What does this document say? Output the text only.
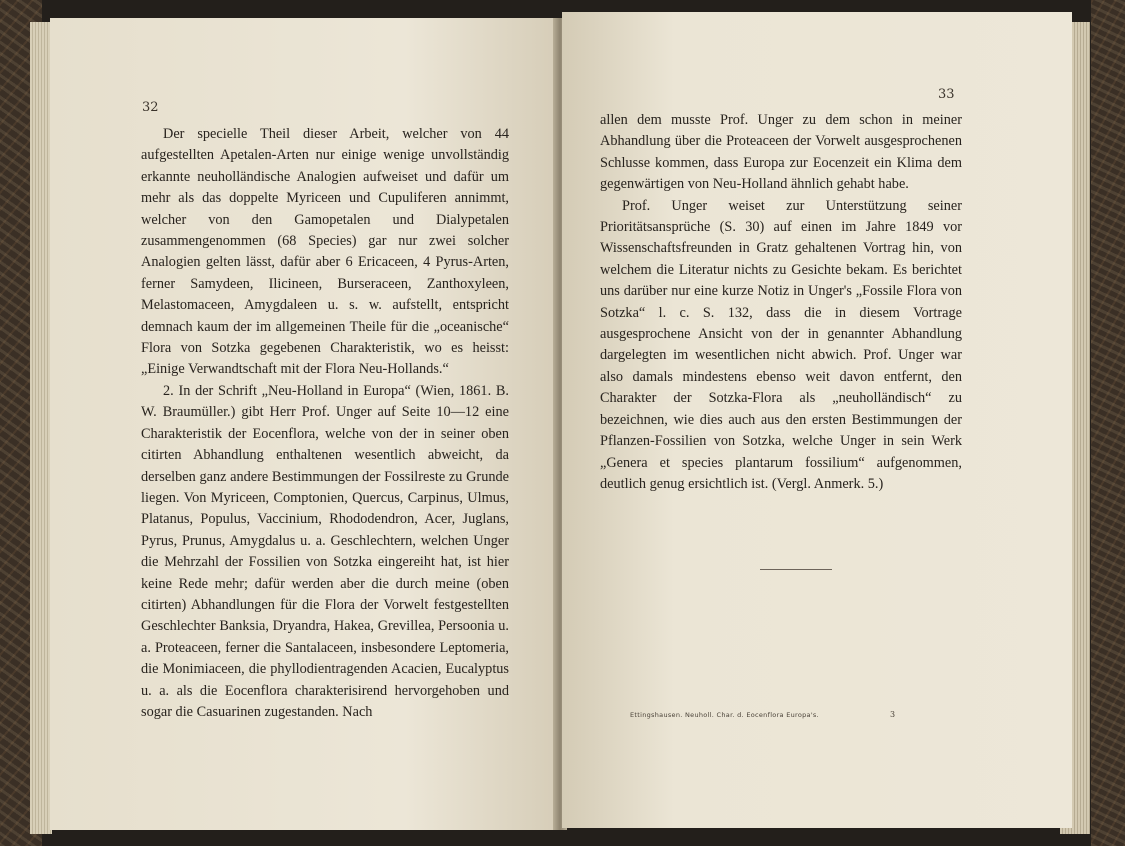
32

Der specielle Theil dieser Arbeit, welcher von 44 aufgestellten Apetalen-Arten nur einige wenige unvollständig erkannte neuholländische Analogien aufweiset und dafür um mehr als das doppelte Myriceen und Cupuliferen annimmt, welcher von den Gamopetalen und Dialypetalen zusammengenommen (68 Species) gar nur zwei solcher Analogien gelten lässt, dafür aber 6 Ericaceen, 4 Pyrus-Arten, ferner Samydeen, Ilicineen, Burseraceen, Zanthoxyleen, Melastomaceen, Amygdaleen u. s. w. aufstellt, entspricht demnach kaum der im allgemeinen Theile für die „oceanische“ Flora von Sotzka gegebenen Charakteristik, wo es heisst: „Einige Verwandtschaft mit der Flora Neu-Hollands.“

2. In der Schrift „Neu-Holland in Europa“ (Wien, 1861. B. W. Braumüller.) gibt Herr Prof. Unger auf Seite 10—12 eine Charakteristik der Eocenflora, welche von der in seiner oben citirten Abhandlung enthaltenen wesentlich abweicht, da derselben ganz andere Bestimmungen der Fossilreste zu Grunde liegen. Von Myriceen, Comptonien, Quercus, Carpinus, Ulmus, Platanus, Populus, Vaccinium, Rhododendron, Acer, Juglans, Pyrus, Prunus, Amygdalus u. a. Geschlechtern, welchen Unger die Mehrzahl der Fossilien von Sotzka eingereiht hat, ist hier keine Rede mehr; dafür werden aber die durch meine (oben citirten) Abhandlungen für die Flora der Vorwelt festgestellten Geschlechter Banksia, Dryandra, Hakea, Grevillea, Persoonia u. a. Proteaceen, ferner die Santalaceen, insbesondere Leptomeria, die Monimiaceen, die phyllodientragenden Acacien, Eucalyptus u. a. als die Eocenflora charakterisirend hervorgehoben und sogar die Casuarinen zugestanden. Nach

33

allen dem musste Prof. Unger zu dem schon in meiner Abhandlung über die Proteaceen der Vorwelt ausgesprochenen Schlusse kommen, dass Europa zur Eocenzeit ein Klima dem gegenwärtigen von Neu-Holland ähnlich gehabt habe.

Prof. Unger weiset zur Unterstützung seiner Prioritätsansprüche (S. 30) auf einen im Jahre 1849 vor Wissenschaftsfreunden in Gratz gehaltenen Vortrag hin, von welchem die Literatur nichts zu Gesichte bekam. Es berichtet uns darüber nur eine kurze Notiz in Unger's „Fossile Flora von Sotzka“ l. c. S. 132, dass die in diesem Vortrage ausgesprochene Ansicht von der in genannter Abhandlung dargelegten im wesentlichen nicht abwich. Prof. Unger war also damals mindestens ebenso weit davon entfernt, den Charakter der Sotzka-Flora als „neuholländisch“ zu bezeichnen, wie dies auch aus den ersten Bestimmungen der Pflanzen-Fossilien von Sotzka, welche Unger in sein Werk „Genera et species plantarum fossilium“ aufgenommen, deutlich genug ersichtlich ist. (Vergl. Anmerk. 5.)

Ettingshausen. Neuholl. Char. d. Eocenflora Europa's.	3
